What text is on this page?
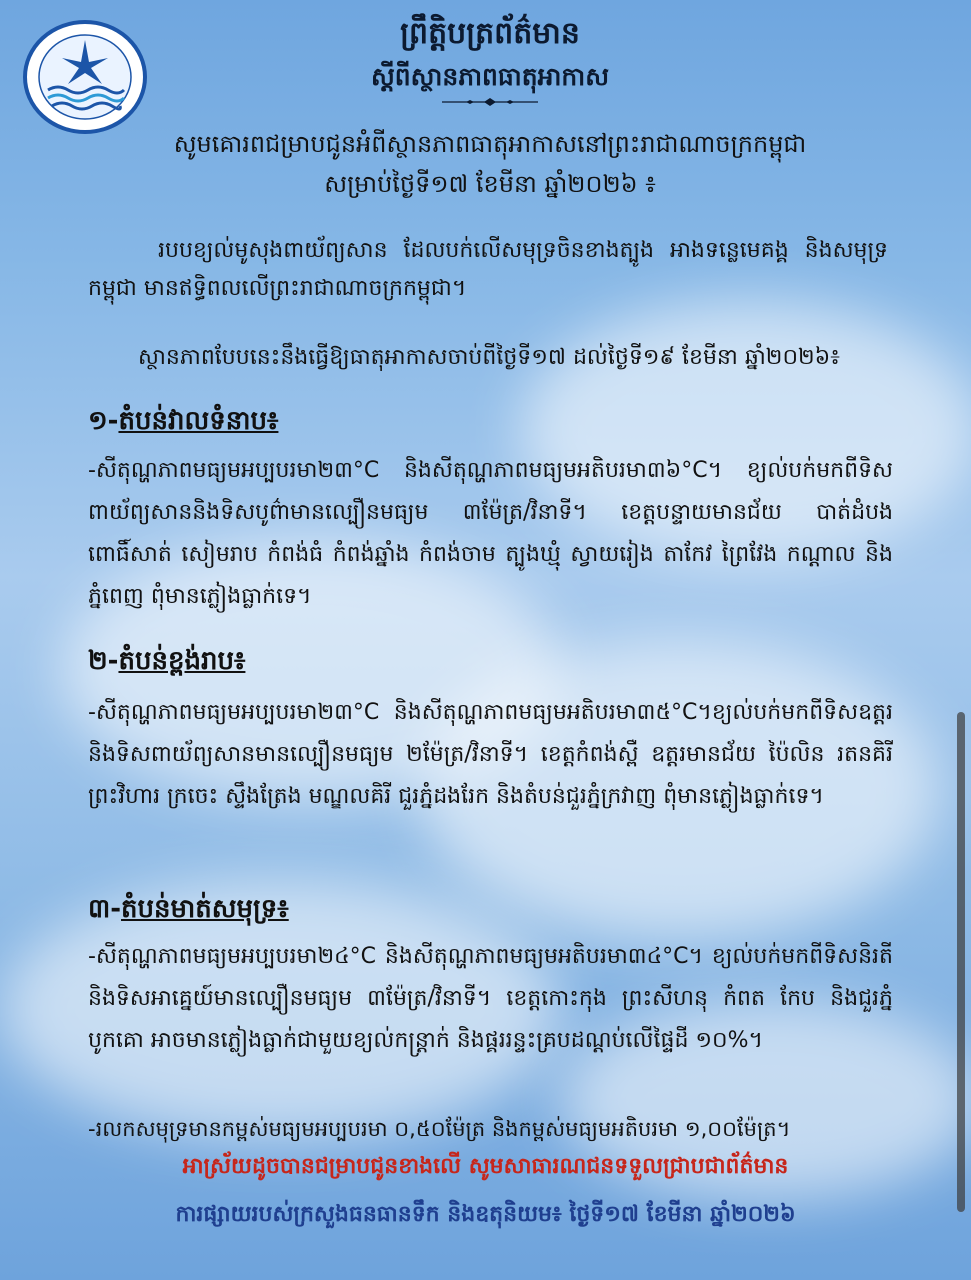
ព្រឹត្តិបត្រព័ត៌មាន
ស្ដីពីស្ថានភាពធាតុអាកាស
សូមគោរពជម្រាបជូនអំពីស្ថានភាពធាតុអាកាសនៅព្រះរាជាណាចក្រកម្ពុជា
សម្រាប់ថ្ងៃទី១៧ ខែមីនា ឆ្នាំ២០២៦ ៖
របបខ្យល់មូសុងពាយ័ព្យសាន ដែលបក់លើសមុទ្រចិនខាងត្បូង អាងទន្លេមេគង្គ និងសមុទ្រកម្ពុជា មានឥទ្ធិពលលើព្រះរាជាណាចក្រកម្ពុជា។
ស្ថានភាពបែបនេះនឹងធ្វើឱ្យធាតុអាកាសចាប់ពីថ្ងៃទី១៧ ដល់ថ្ងៃទី១៩ ខែមីនា ឆ្នាំ២០២៦៖
១-តំបន់វាលទំនាប៖
-សីតុណ្ហភាពមធ្យមអប្បបរមា២៣°C និងសីតុណ្ហភាពមធ្យមអតិបរមា៣៦°C។ ខ្យល់បក់មកពីទិសពាយ័ព្យសាននិងទិសបូព៌ាមានល្បឿនមធ្យម ៣ម៉ែត្រ/វិនាទី។ ខេត្តបន្ទាយមានជ័យ បាត់ដំបង ពោធិ៍សាត់ សៀមរាប កំពង់ធំ កំពង់ឆ្នាំង កំពង់ចាម ត្បូងឃ្មុំ ស្វាយរៀង តាកែវ ព្រៃវែង កណ្ដាល និងភ្នំពេញ ពុំមានភ្លៀងធ្លាក់ទេ។
២-តំបន់ខ្ពង់រាប៖
-សីតុណ្ហភាពមធ្យមអប្បបរមា២៣°C និងសីតុណ្ហភាពមធ្យមអតិបរមា៣៥°C។ខ្យល់បក់មកពីទិសឧត្តរ និងទិសពាយ័ព្យសានមានល្បឿនមធ្យម ២ម៉ែត្រ/វិនាទី។ ខេត្តកំពង់ស្ពឺ ឧត្តរមានជ័យ ប៉ៃលិន រតនគិរី ព្រះវិហារ ក្រចេះ ស្ទឹងត្រែង មណ្ឌលគិរី ជួរភ្នំដងរែក និងតំបន់ជួរភ្នំក្រវាញ ពុំមានភ្លៀងធ្លាក់ទេ។
៣-តំបន់មាត់សមុទ្រ៖
-សីតុណ្ហភាពមធ្យមអប្បបរមា២៤°C និងសីតុណ្ហភាពមធ្យមអតិបរមា៣៤°C។ ខ្យល់បក់មកពីទិសនិរតី និងទិសអាគ្នេយ៍មានល្បឿនមធ្យម ៣ម៉ែត្រ/វិនាទី។ ខេត្តកោះកុង ព្រះសីហនុ កំពត កែប និងជួរភ្នំបូកគោ អាចមានភ្លៀងធ្លាក់ជាមួយខ្យល់កន្ត្រាក់ និងផ្គររន្ទះគ្របដណ្ដប់លើផ្ទៃដី ១០%។
-រលកសមុទ្រមានកម្ពស់មធ្យមអប្បបរមា ០,៥០ម៉ែត្រ និងកម្ពស់មធ្យមអតិបរមា ១,០០ម៉ែត្រ។
អាស្រ័យដូចបានជម្រាបជូនខាងលើ សូមសាធារណជនទទួលជ្រាបជាព័ត៌មាន
ការផ្សាយរបស់ក្រសួងធនធានទឹក និងឧតុនិយម៖ ថ្ងៃទី១៧ ខែមីនា ឆ្នាំ២០២៦
